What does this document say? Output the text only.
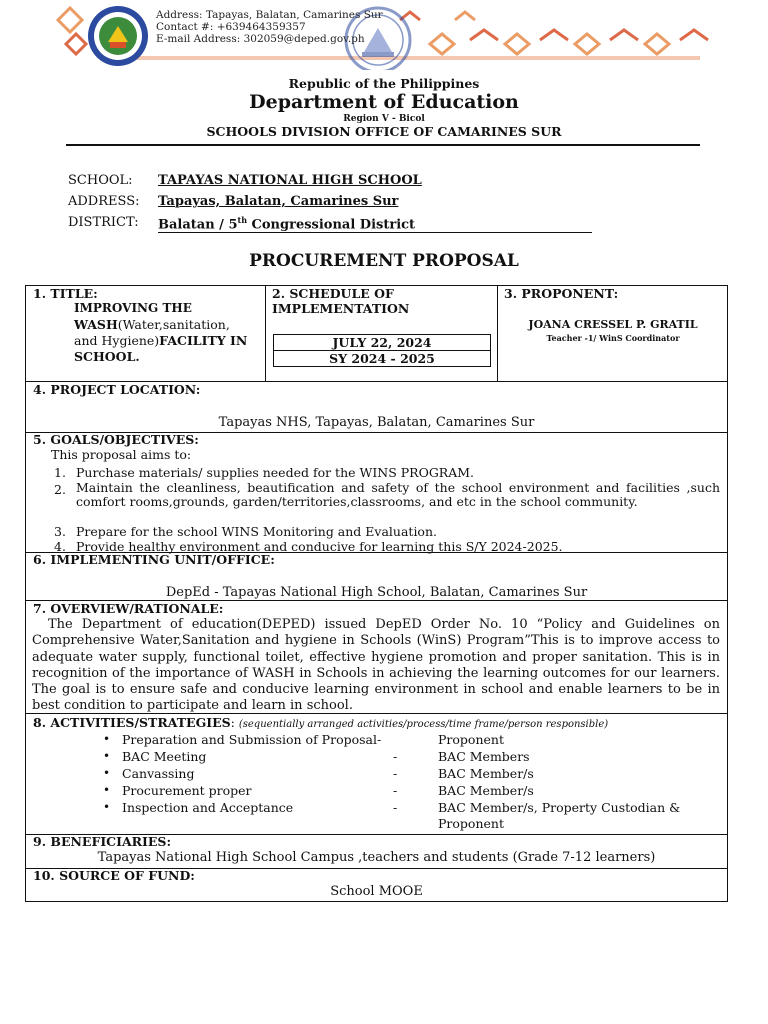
Address: Tapayas, Balatan, Camarines Sur
Contact #: +639464359357
E-mail Address: 302059@deped.gov.ph
Republic of the Philippines
Department of Education
Region V - Bicol
SCHOOLS DIVISION OFFICE OF CAMARINES SUR
SCHOOL: TAPAYAS NATIONAL HIGH SCHOOL
ADDRESS: Tapayas, Balatan, Camarines Sur
DISTRICT: Balatan / 5th Congressional District
PROCUREMENT PROPOSAL
1. TITLE:
IMPROVING THE
WASH(Water,sanitation,
and Hygiene)FACILITY IN
SCHOOL.
2. SCHEDULE OF
IMPLEMENTATION
JULY 22, 2024
SY 2024 - 2025
3. PROPONENT:
JOANA CRESSEL P. GRATIL
Teacher -1/ WinS Coordinator
4. PROJECT LOCATION:
Tapayas NHS, Tapayas, Balatan, Camarines Sur
5. GOALS/OBJECTIVES:
This proposal aims to:
1. Purchase materials/ supplies needed for the WINS PROGRAM.
2. Maintain the cleanliness, beautification and safety of the school environment and facilities ,such comfort rooms,grounds, garden/territories,classrooms, and etc in the school community.
3. Prepare for the school WINS Monitoring and Evaluation.
4. Provide healthy environment and conducive for learning this S/Y 2024-2025.
6. IMPLEMENTING UNIT/OFFICE:
DepEd - Tapayas National High School, Balatan, Camarines Sur
7. OVERVIEW/RATIONALE:
The Department of education(DEPED) issued DepED Order No. 10 “Policy and Guidelines on Comprehensive Water,Sanitation and hygiene in Schools (WinS) Program”This is to improve access to adequate water supply, functional toilet, effective hygiene promotion and proper sanitation. This is in recognition of the importance of WASH in Schools in achieving the learning outcomes for our learners. The goal is to ensure safe and conducive learning environment in school and enable learners to be in best condition to participate and learn in school.
8. ACTIVITIES/STRATEGIES: (sequentially arranged activities/process/time frame/person responsible)
• Preparation and Submission of Proposal-	Proponent
• BAC Meeting	-	BAC Members
• Canvassing	-	BAC Member/s
• Procurement proper	-	BAC Member/s
• Inspection and Acceptance	-	BAC Member/s, Property Custodian &
Proponent
9. BENEFICIARIES:
Tapayas National High School Campus ,teachers and students (Grade 7-12 learners)
10. SOURCE OF FUND:
School MOOE
